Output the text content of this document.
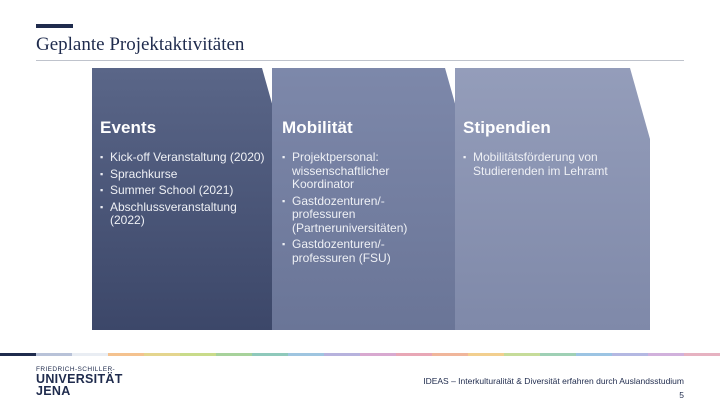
Geplante Projektaktivitäten
Events
▪ Kick-off Veranstaltung (2020)
▪ Sprachkurse
▪ Summer School (2021)
▪ Abschlussveranstaltung (2022)
Mobilität
▪ Projektpersonal: wissenschaftlicher Koordinator
▪ Gastdozenturen/-professuren (Partneruniversitäten)
▪ Gastdozenturen/-professuren (FSU)
Stipendien
▪ Mobilitätsförderung von Studierenden im Lehramt
FRIEDRICH-SCHILLER-
UNIVERSITÄT
JENA
IDEAS – Interkulturalität & Diversität erfahren durch Auslandsstudium
5
